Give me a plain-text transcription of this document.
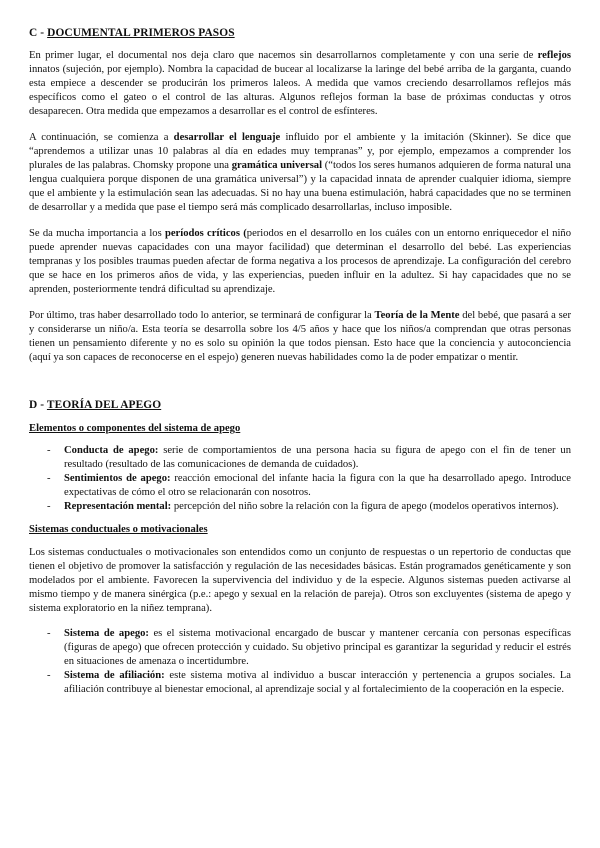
C - DOCUMENTAL PRIMEROS PASOS

En primer lugar, el documental nos deja claro que nacemos sin desarrollarnos completamente y con una serie de reflejos innatos (sujeción, por ejemplo). Nombra la capacidad de bucear al localizarse la laringe del bebé arriba de la garganta, cuando esta empiece a descender se producirán los primeros laleos. A medida que vamos creciendo desarrollamos reflejos más específicos como el gateo o el control de las alturas. Algunos reflejos forman la base de próximas conductas y otros desaparecen. Otra medida que empezamos a desarrollar es el control de esfínteres.

A continuación, se comienza a desarrollar el lenguaje influido por el ambiente y la imitación (Skinner). Se dice que “aprendemos a utilizar unas 10 palabras al día en edades muy tempranas” y, por ejemplo, empezamos a comprender los plurales de las palabras. Chomsky propone una gramática universal (“todos los seres humanos adquieren de forma natural una lengua cualquiera porque disponen de una gramática universal”) y la capacidad innata de aprender cualquier idioma, siempre que el ambiente y la estimulación sean las adecuadas. Si no hay una buena estimulación, habrá capacidades que no se terminen de desarrollar y a medida que pase el tiempo será más complicado desarrollarlas, incluso imposible.

Se da mucha importancia a los períodos críticos (periodos en el desarrollo en los cuáles con un entorno enriquecedor el niño puede aprender nuevas capacidades con una mayor facilidad) que determinan el desarrollo del bebé. Las experiencias tempranas y los posibles traumas pueden afectar de forma negativa a los procesos de aprendizaje. La configuración del cerebro que se hace en los primeros años de vida, y las experiencias, pueden influir en la adultez. Si hay capacidades que no se aprenden, posteriormente tendrá dificultad su aprendizaje.

Por último, tras haber desarrollado todo lo anterior, se terminará de configurar la Teoría de la Mente del bebé, que pasará a ser y considerarse un niño/a. Esta teoría se desarrolla sobre los 4/5 años y hace que los niños/a comprendan que otras personas tienen un pensamiento diferente y no es solo su opinión la que todos piensan. Esto hace que la conciencia y autoconciencia (aquí ya son capaces de reconocerse en el espejo) generen nuevas habilidades como la de poder empatizar o mentir.

D - TEORÍA DEL APEGO

Elementos o componentes del sistema de apego

- Conducta de apego: serie de comportamientos de una persona hacia su figura de apego con el fin de tener un resultado (resultado de las comunicaciones de demanda de cuidados).
- Sentimientos de apego: reacción emocional del infante hacia la figura con la que ha desarrollado apego. Introduce expectativas de cómo el otro se relacionarán con nosotros.
- Representación mental: percepción del niño sobre la relación con la figura de apego (modelos operativos internos).

Sistemas conductuales o motivacionales

Los sistemas conductuales o motivacionales son entendidos como un conjunto de respuestas o un repertorio de conductas que tienen el objetivo de promover la satisfacción y regulación de las necesidades básicas. Están programados genéticamente y son modelados por el ambiente. Favorecen la supervivencia del individuo y de la especie. Algunos sistemas pueden activarse al mismo tiempo y de manera sinérgica (p.e.: apego y sexual en la relación de pareja). Otros son excluyentes (sistema de apego y sistema exploratorio en la niñez temprana).

- Sistema de apego: es el sistema motivacional encargado de buscar y mantener cercanía con personas específicas (figuras de apego) que ofrecen protección y cuidado. Su objetivo principal es garantizar la seguridad y reducir el estrés en situaciones de amenaza o incertidumbre.
- Sistema de afiliación: este sistema motiva al individuo a buscar interacción y pertenencia a grupos sociales. La afiliación contribuye al bienestar emocional, al aprendizaje social y al fortalecimiento de la cooperación en la especie.
